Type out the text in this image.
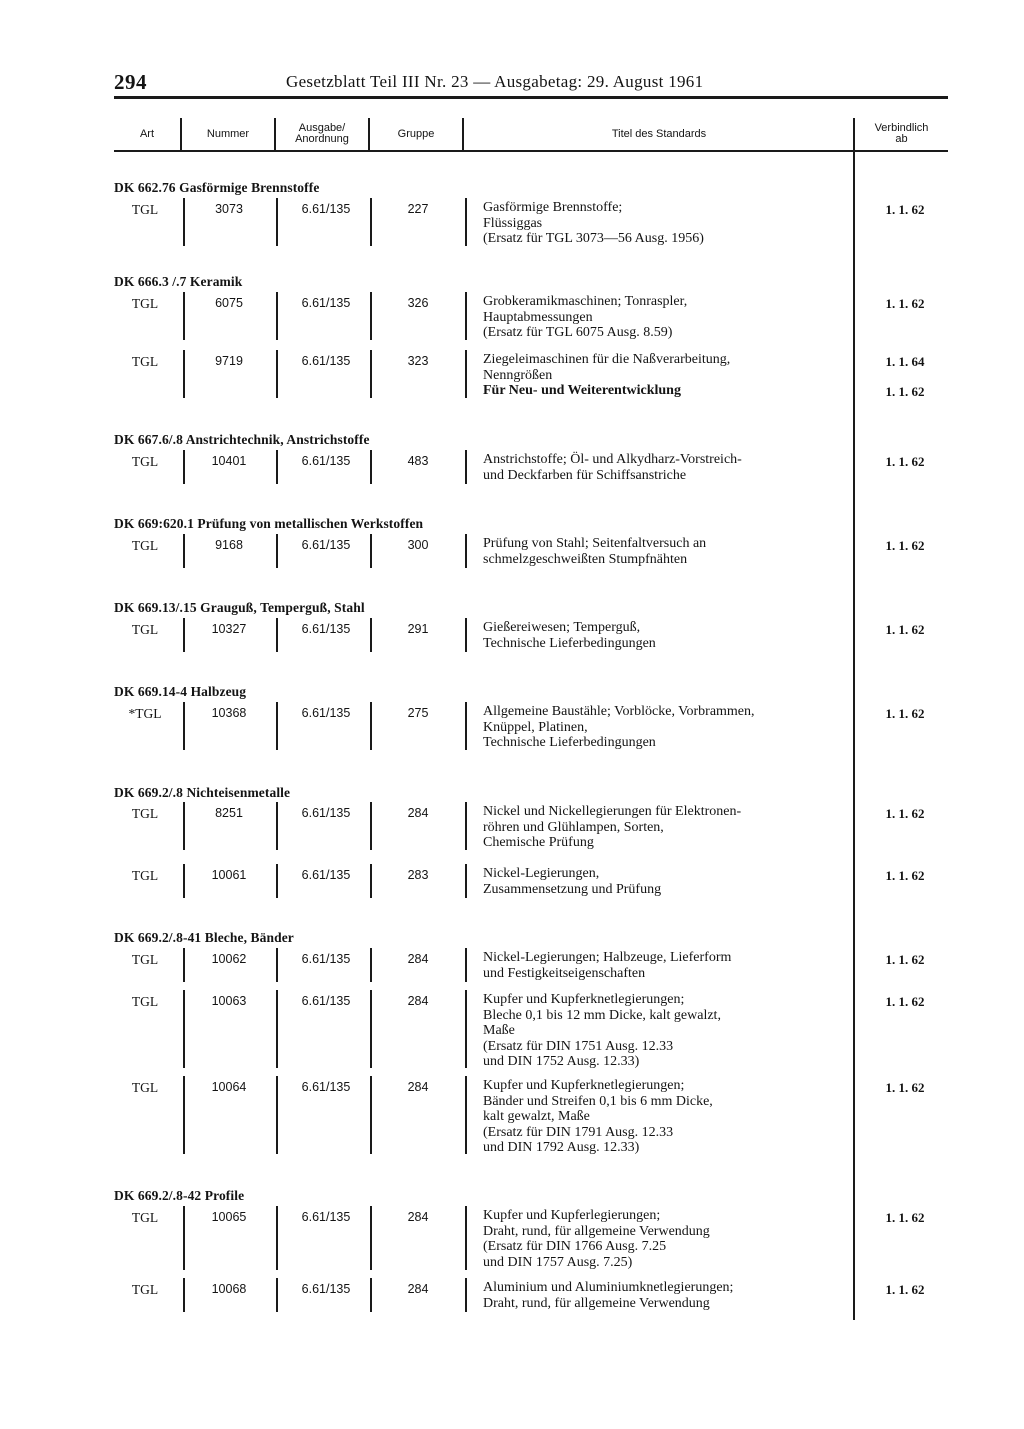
294	Gesetzblatt Teil III Nr. 23 — Ausgabetag: 29. August 1961
Art	Nummer	Ausgabe/
Anordnung	Gruppe	Titel des Standards	Verbindlich
ab
DK 662.76 Gasförmige Brennstoffe
TGL	3073	6.61/135	227	Gasförmige Brennstoffe;
Flüssiggas
(Ersatz für TGL 3073—56 Ausg. 1956)
1. 1. 62
DK 666.3 /.7 Keramik
TGL	6075	6.61/135	326	Grobkeramikmaschinen; Tonraspler,
Hauptabmessungen
(Ersatz für TGL 6075 Ausg. 8.59)
1. 1. 62
TGL	9719	6.61/135	323	Ziegeleimaschinen für die Naßverarbeitung,
Nenngrößen
Für Neu- und Weiterentwicklung
1. 1. 64
1. 1. 62
DK 667.6/.8 Anstrichtechnik, Anstrichstoffe
TGL	10401	6.61/135	483	Anstrichstoffe; Öl- und Alkydharz-Vorstreich-
und Deckfarben für Schiffsanstriche
1. 1. 62
DK 669:620.1 Prüfung von metallischen Werkstoffen
TGL	9168	6.61/135	300	Prüfung von Stahl; Seitenfaltversuch an
schmelzgeschweißten Stumpfnähten
1. 1. 62
DK 669.13/.15 Grauguß, Temperguß, Stahl
TGL	10327	6.61/135	291	Gießereiwesen; Temperguß,
Technische Lieferbedingungen
1. 1. 62
DK 669.14-4 Halbzeug
*TGL	10368	6.61/135	275	Allgemeine Baustähle; Vorblöcke, Vorbrammen,
Knüppel, Platinen,
Technische Lieferbedingungen
1. 1. 62
DK 669.2/.8 Nichteisenmetalle
TGL	8251	6.61/135	284	Nickel und Nickellegierungen für Elektronen-
röhren und Glühlampen, Sorten,
Chemische Prüfung
1. 1. 62
TGL	10061	6.61/135	283	Nickel-Legierungen,
Zusammensetzung und Prüfung
1. 1. 62
DK 669.2/.8-41 Bleche, Bänder
TGL	10062	6.61/135	284	Nickel-Legierungen; Halbzeuge, Lieferform
und Festigkeitseigenschaften
1. 1. 62
TGL	10063	6.61/135	284	Kupfer und Kupferknetlegierungen;
Bleche 0,1 bis 12 mm Dicke, kalt gewalzt,
Maße
(Ersatz für DIN 1751 Ausg. 12.33
und DIN 1752 Ausg. 12.33)
1. 1. 62
TGL	10064	6.61/135	284	Kupfer und Kupferknetlegierungen;
Bänder und Streifen 0,1 bis 6 mm Dicke,
kalt gewalzt, Maße
(Ersatz für DIN 1791 Ausg. 12.33
und DIN 1792 Ausg. 12.33)
1. 1. 62
DK 669.2/.8-42 Profile
TGL	10065	6.61/135	284	Kupfer und Kupferlegierungen;
Draht, rund, für allgemeine Verwendung
(Ersatz für DIN 1766 Ausg. 7.25
und DIN 1757 Ausg. 7.25)
1. 1. 62
TGL	10068	6.61/135	284	Aluminium und Aluminiumknetlegierungen;
Draht, rund, für allgemeine Verwendung
1. 1. 62
